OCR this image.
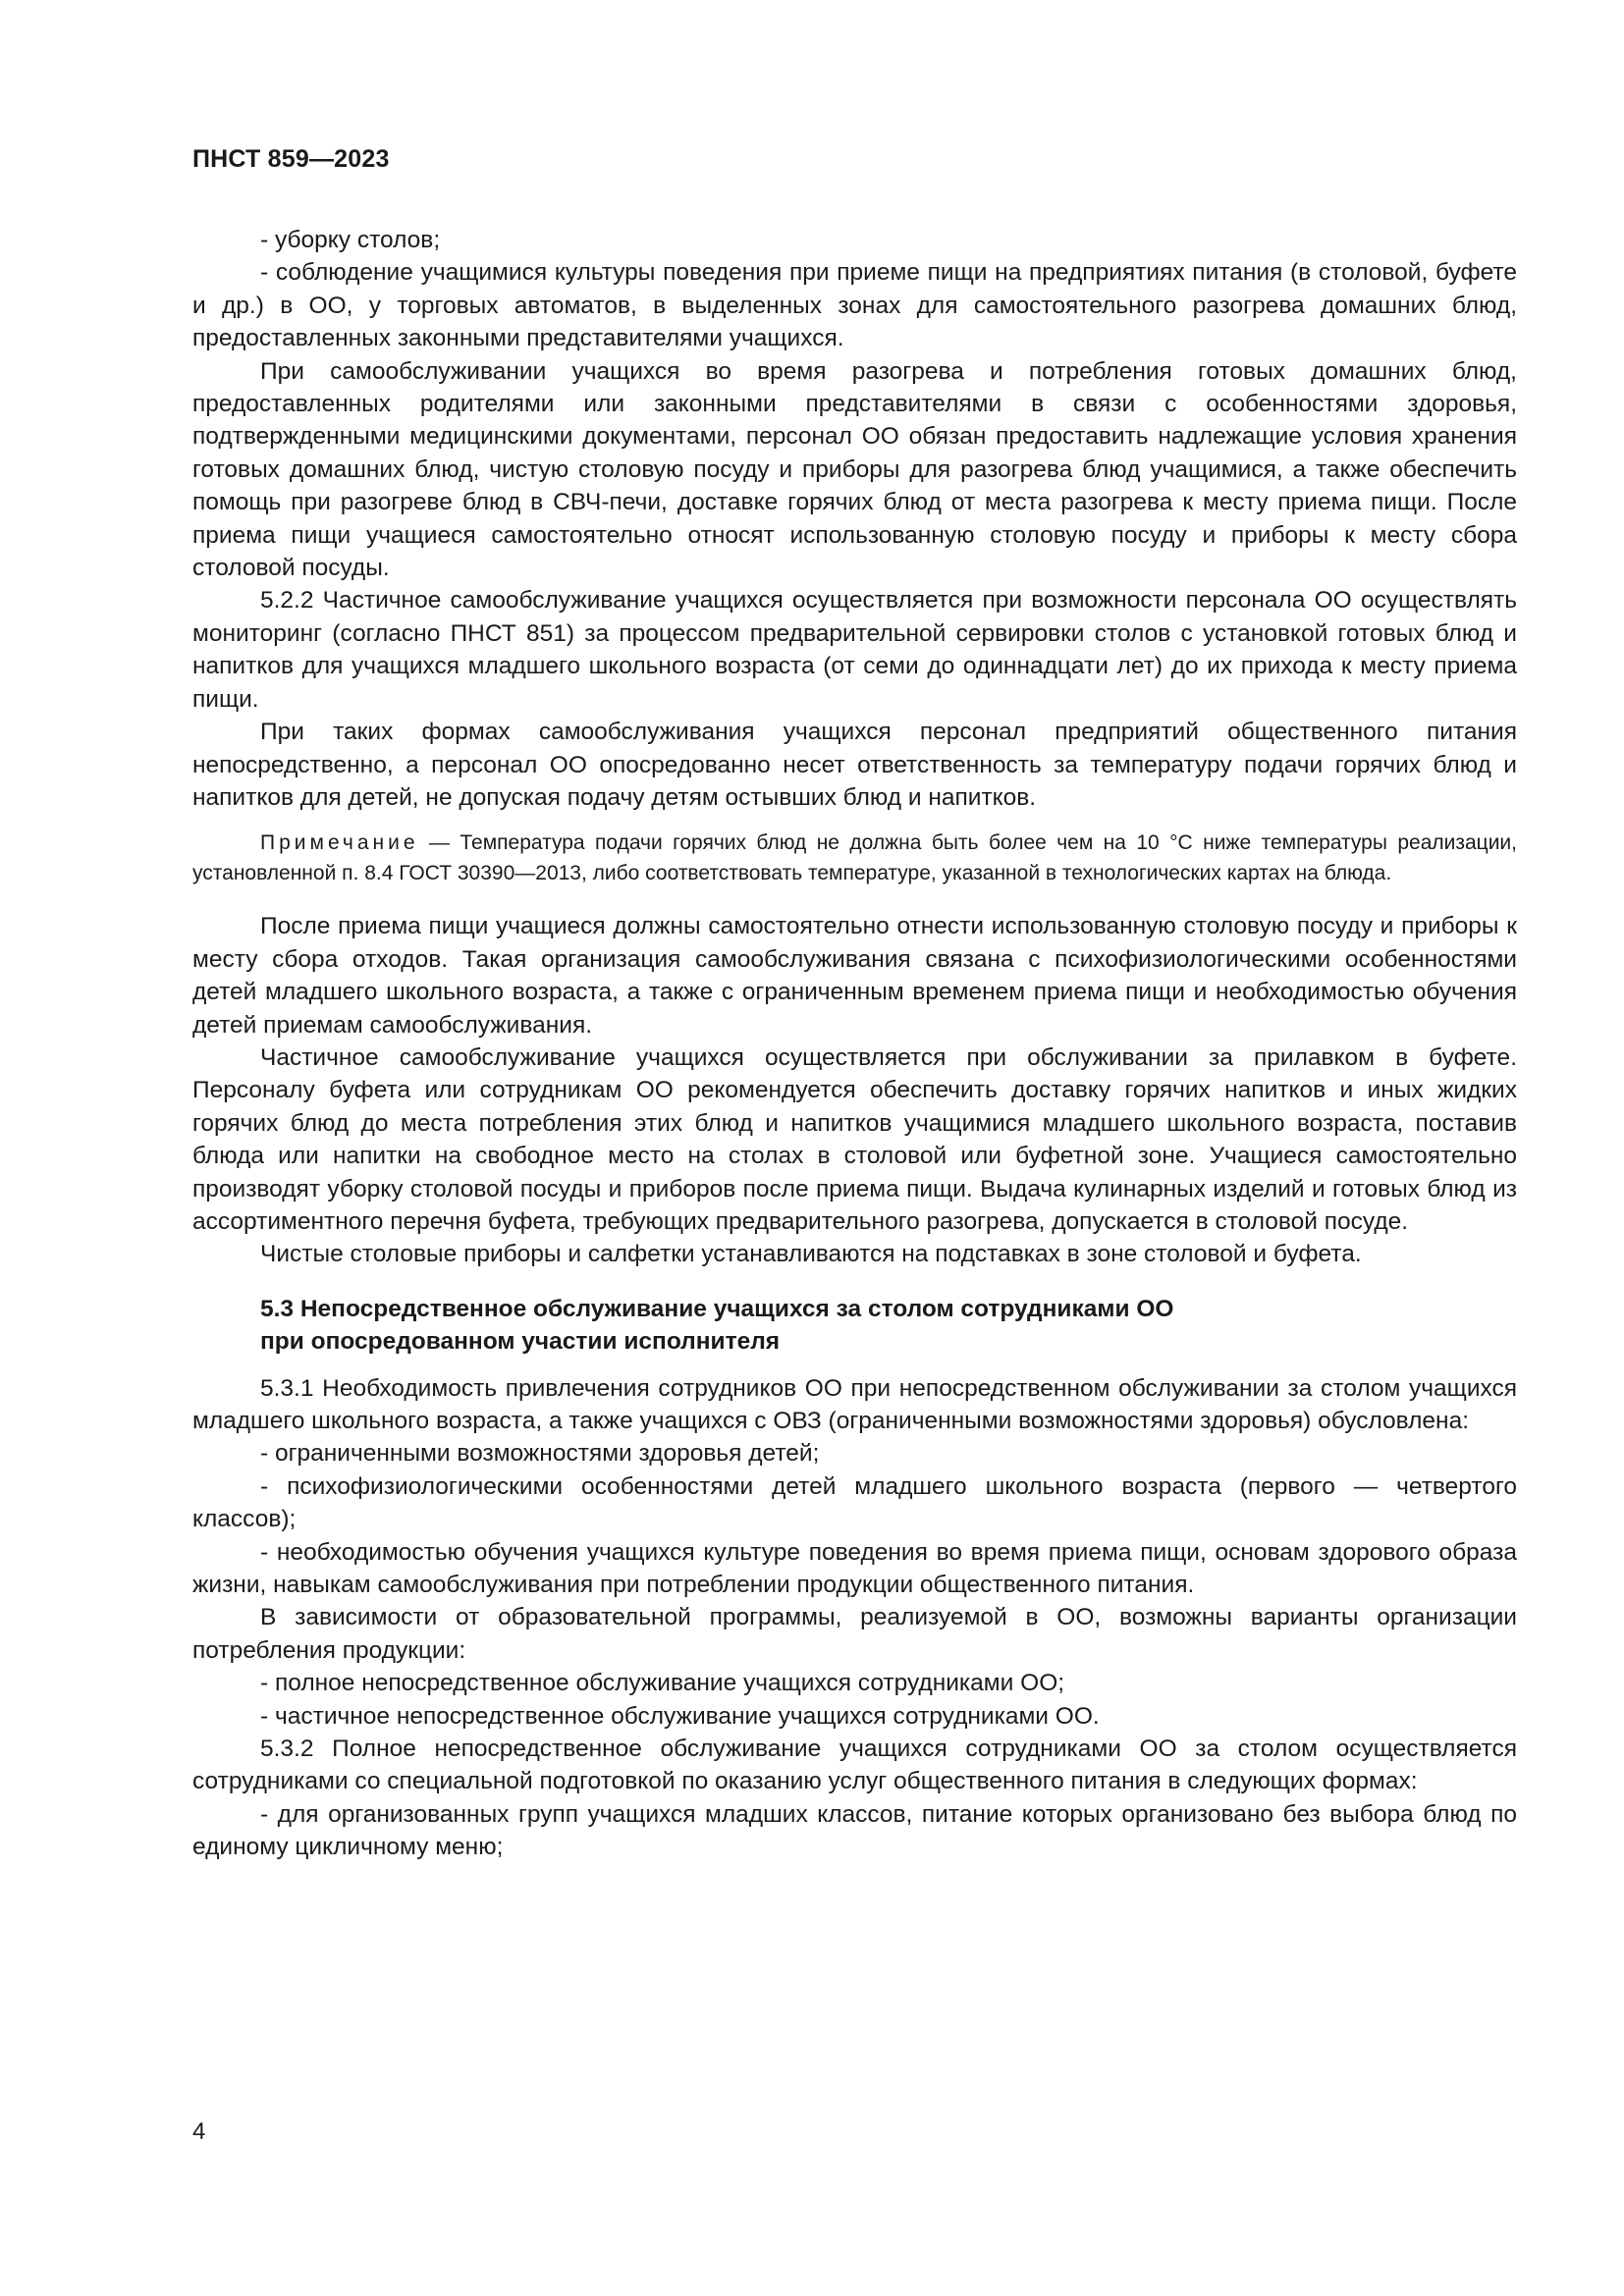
ПНСТ 859—2023

- уборку столов;

- соблюдение учащимися культуры поведения при приеме пищи на предприятиях питания (в столовой, буфете и др.) в ОО, у торговых автоматов, в выделенных зонах для самостоятельного разогрева домашних блюд, предоставленных законными представителями учащихся.

При самообслуживании учащихся во время разогрева и потребления готовых домашних блюд, предоставленных родителями или законными представителями в связи с особенностями здоровья, подтвержденными медицинскими документами, персонал ОО обязан предоставить надлежащие условия хранения готовых домашних блюд, чистую столовую посуду и приборы для разогрева блюд учащимися, а также обеспечить помощь при разогреве блюд в СВЧ-печи, доставке горячих блюд от места разогрева к месту приема пищи. После приема пищи учащиеся самостоятельно относят использованную столовую посуду и приборы к месту сбора столовой посуды.

5.2.2 Частичное самообслуживание учащихся осуществляется при возможности персонала ОО осуществлять мониторинг (согласно ПНСТ 851) за процессом предварительной сервировки столов с установкой готовых блюд и напитков для учащихся младшего школьного возраста (от семи до одиннадцати лет) до их прихода к месту приема пищи.

При таких формах самообслуживания учащихся персонал предприятий общественного питания непосредственно, а персонал ОО опосредованно несет ответственность за температуру подачи горячих блюд и напитков для детей, не допуская подачу детям остывших блюд и напитков.

Примечание — Температура подачи горячих блюд не должна быть более чем на 10 °С ниже температуры реализации, установленной п. 8.4 ГОСТ 30390—2013, либо соответствовать температуре, указанной в технологических картах на блюда.

После приема пищи учащиеся должны самостоятельно отнести использованную столовую посуду и приборы к месту сбора отходов. Такая организация самообслуживания связана с психофизиологическими особенностями детей младшего школьного возраста, а также с ограниченным временем приема пищи и необходимостью обучения детей приемам самообслуживания.

Частичное самообслуживание учащихся осуществляется при обслуживании за прилавком в буфете. Персоналу буфета или сотрудникам ОО рекомендуется обеспечить доставку горячих напитков и иных жидких горячих блюд до места потребления этих блюд и напитков учащимися младшего школьного возраста, поставив блюда или напитки на свободное место на столах в столовой или буфетной зоне. Учащиеся самостоятельно производят уборку столовой посуды и приборов после приема пищи. Выдача кулинарных изделий и готовых блюд из ассортиментного перечня буфета, требующих предварительного разогрева, допускается в столовой посуде.

Чистые столовые приборы и салфетки устанавливаются на подставках в зоне столовой и буфета.

5.3 Непосредственное обслуживание учащихся за столом сотрудниками ОО
при опосредованном участии исполнителя

5.3.1 Необходимость привлечения сотрудников ОО при непосредственном обслуживании за столом учащихся младшего школьного возраста, а также учащихся с ОВЗ (ограниченными возможностями здоровья) обусловлена:

- ограниченными возможностями здоровья детей;

- психофизиологическими особенностями детей младшего школьного возраста (первого — четвертого классов);

- необходимостью обучения учащихся культуре поведения во время приема пищи, основам здорового образа жизни, навыкам самообслуживания при потреблении продукции общественного питания.

В зависимости от образовательной программы, реализуемой в ОО, возможны варианты организации потребления продукции:

- полное непосредственное обслуживание учащихся сотрудниками ОО;

- частичное непосредственное обслуживание учащихся сотрудниками ОО.

5.3.2 Полное непосредственное обслуживание учащихся сотрудниками ОО за столом осуществляется сотрудниками со специальной подготовкой по оказанию услуг общественного питания в следующих формах:

- для организованных групп учащихся младших классов, питание которых организовано без выбора блюд по единому цикличному меню;

4
